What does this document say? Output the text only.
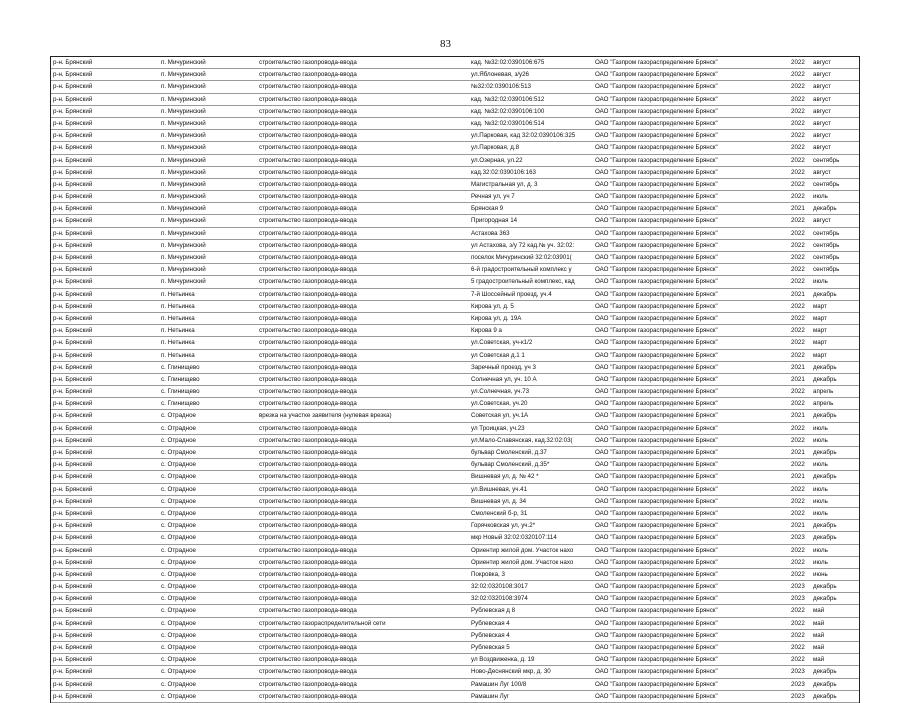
83
р-н. Брянский	п. Мичуринский	строительство газопровода-ввода	кад. №32:02:0390106:675	ОАО "Газпром газораспределение Брянск"	2022	август
р-н. Брянский	п. Мичуринский	строительство газопровода-ввода	ул.Яблоневая, з/у26	ОАО "Газпром газораспределение Брянск"	2022	август
р-н. Брянский	п. Мичуринский	строительство газопровода-ввода	№32:02:0390106:513	ОАО "Газпром газораспределение Брянск"	2022	август
р-н. Брянский	п. Мичуринский	строительство газопровода-ввода	кад. №32:02:0390106:512	ОАО "Газпром газораспределение Брянск"	2022	август
р-н. Брянский	п. Мичуринский	строительство газопровода-ввода	кад. №32:02:0390106:100	ОАО "Газпром газораспределение Брянск"	2022	август
р-н. Брянский	п. Мичуринский	строительство газопровода-ввода	кад. №32:02:0390106:514	ОАО "Газпром газораспределение Брянск"	2022	август
р-н. Брянский	п. Мичуринский	строительство газопровода-ввода	ул.Парковая, кад 32:02:0390106:325	ОАО "Газпром газораспределение Брянск"	2022	август
р-н. Брянский	п. Мичуринский	строительство газопровода-ввода	ул.Парковая, д.8	ОАО "Газпром газораспределение Брянск"	2022	август
р-н. Брянский	п. Мичуринский	строительство газопровода-ввода	ул.Озерная, ул.22	ОАО "Газпром газораспределение Брянск"	2022	сентябрь
р-н. Брянский	п. Мичуринский	строительство газопровода-ввода	кад.32:02:0390106:163	ОАО "Газпром газораспределение Брянск"	2022	август
р-н. Брянский	п. Мичуринский	строительство газопровода-ввода	Магистральная ул, д. 3	ОАО "Газпром газораспределение Брянск"	2022	сентябрь
р-н. Брянский	п. Мичуринский	строительство газопровода-ввода	Речная ул, уч 7	ОАО "Газпром газораспределение Брянск"	2022	июль
р-н. Брянский	п. Мичуринский	строительство газопровода-ввода	Брянская 9	ОАО "Газпром газораспределение Брянск"	2021	декабрь
р-н. Брянский	п. Мичуринский	строительство газопровода-ввода	Пригородная 14	ОАО "Газпром газораспределение Брянск"	2022	август
р-н. Брянский	п. Мичуринский	строительство газопровода-ввода	Астахова 363	ОАО "Газпром газораспределение Брянск"	2022	сентябрь
р-н. Брянский	п. Мичуринский	строительство газопровода-ввода	ул Астахова, з/у 72 кад.№ уч. 32:02:	ОАО "Газпром газораспределение Брянск"	2022	сентябрь
р-н. Брянский	п. Мичуринский	строительство газопровода-ввода	поселок Мичуринский 32:02:03901(	ОАО "Газпром газораспределение Брянск"	2022	сентябрь
р-н. Брянский	п. Мичуринский	строительство газопровода-ввода	6-й градостроительный комплекс у	ОАО "Газпром газораспределение Брянск"	2022	сентябрь
р-н. Брянский	п. Мичуринский	строительство газопровода-ввода	5 градостроительный комплекс, кад	ОАО "Газпром газораспределение Брянск"	2022	июль
р-н. Брянский	п. Нетьинка	строительство газопровода-ввода	7-й Шоссейный проезд, уч.4	ОАО "Газпром газораспределение Брянск"	2021	декабрь
р-н. Брянский	п. Нетьинка	строительство газопровода-ввода	Кирова ул, д. 5	ОАО "Газпром газораспределение Брянск"	2022	март
р-н. Брянский	п. Нетьинка	строительство газопровода-ввода	Кирова ул, д. 19А	ОАО "Газпром газораспределение Брянск"	2022	март
р-н. Брянский	п. Нетьинка	строительство газопровода-ввода	Кирова 9 а	ОАО "Газпром газораспределение Брянск"	2022	март
р-н. Брянский	п. Нетьинка	строительство газопровода-ввода	ул.Советская, уч-к1/2	ОАО "Газпром газораспределение Брянск"	2022	март
р-н. Брянский	п. Нетьинка	строительство газопровода-ввода	ул Советская д.1 1	ОАО "Газпром газораспределение Брянск"	2022	март
р-н. Брянский	с. Глинищево	строительство газопровода-ввода	Заречный проезд, уч 3	ОАО "Газпром газораспределение Брянск"	2021	декабрь
р-н. Брянский	с. Глинищево	строительство газопровода-ввода	Солнечная ул, уч. 10 А	ОАО "Газпром газораспределение Брянск"	2021	декабрь
р-н. Брянский	с. Глинищево	строительство газопровода-ввода	ул.Солнечная, уч.73	ОАО "Газпром газораспределение Брянск"	2022	апрель
р-н. Брянский	с. Глинищево	строительство газопровода-ввода	ул.Советская, уч.20	ОАО "Газпром газораспределение Брянск"	2022	апрель
р-н. Брянский	с. Отрадное	врезка на участке заявителя (нулевая врезка)	Советская ул, уч.1А	ОАО "Газпром газораспределение Брянск"	2021	декабрь
р-н. Брянский	с. Отрадное	строительство газопровода-ввода	ул Троицкая, уч.23	ОАО "Газпром газораспределение Брянск"	2022	июль
р-н. Брянский	с. Отрадное	строительство газопровода-ввода	ул.Мало-Славянская, кад.32:02:03(	ОАО "Газпром газораспределение Брянск"	2022	июль
р-н. Брянский	с. Отрадное	строительство газопровода-ввода	бульвар Смоленский, д.37	ОАО "Газпром газораспределение Брянск"	2021	декабрь
р-н. Брянский	с. Отрадное	строительство газопровода-ввода	бульвар Смоленский, д.35*	ОАО "Газпром газораспределение Брянск"	2022	июль
р-н. Брянский	с. Отрадное	строительство газопровода-ввода	Вишневая ул, д. № 42 *	ОАО "Газпром газораспределение Брянск"	2021	декабрь
р-н. Брянский	с. Отрадное	строительство газопровода-ввода	ул.Вишневая, уч.41	ОАО "Газпром газораспределение Брянск"	2022	июль
р-н. Брянский	с. Отрадное	строительство газопровода-ввода	Вишневая ул, д. 34	ОАО "Газпром газораспределение Брянск"	2022	июль
р-н. Брянский	с. Отрадное	строительство газопровода-ввода	Смоленский б-р, 31	ОАО "Газпром газораспределение Брянск"	2022	июль
р-н. Брянский	с. Отрадное	строительство газопровода-ввода	Горячковская ул, уч.2*	ОАО "Газпром газораспределение Брянск"	2021	декабрь
р-н. Брянский	с. Отрадное	строительство газопровода-ввода	мкр Новый 32:02:0320107:114	ОАО "Газпром газораспределение Брянск"	2023	декабрь
р-н. Брянский	с. Отрадное	строительство газопровода-ввода	Ориентир жилой дом. Участок нахо	ОАО "Газпром газораспределение Брянск"	2022	июль
р-н. Брянский	с. Отрадное	строительство газопровода-ввода	Ориентир жилой дом. Участок нахо	ОАО "Газпром газораспределение Брянск"	2022	июль
р-н. Брянский	с. Отрадное	строительство газопровода-ввода	Покровка, 3	ОАО "Газпром газораспределение Брянск"	2022	июнь
р-н. Брянский	с. Отрадное	строительство газопровода-ввода	32:02:0320108:3017	ОАО "Газпром газораспределение Брянск"	2023	декабрь
р-н. Брянский	с. Отрадное	строительство газопровода-ввода	32:02:0320108:3974	ОАО "Газпром газораспределение Брянск"	2023	декабрь
р-н. Брянский	с. Отрадное	строительство газопровода-ввода	Рублевская д 8	ОАО "Газпром газораспределение Брянск"	2022	май
р-н. Брянский	с. Отрадное	строительство газораспределительной сети	Рублевская 4	ОАО "Газпром газораспределение Брянск"	2022	май
р-н. Брянский	с. Отрадное	строительство газопровода-ввода	Рублевская 4	ОАО "Газпром газораспределение Брянск"	2022	май
р-н. Брянский	с. Отрадное	строительство газопровода-ввода	Рублевская 5	ОАО "Газпром газораспределение Брянск"	2022	май
р-н. Брянский	с. Отрадное	строительство газопровода-ввода	ул Воздвиженка, д. 19	ОАО "Газпром газораспределение Брянск"	2022	май
р-н. Брянский	с. Отрадное	строительство газопровода-ввода	Ново-Деснянский мкр, д. 30	ОАО "Газпром газораспределение Брянск"	2023	декабрь
р-н. Брянский	с. Отрадное	строительство газопровода-ввода	Рамашин Луг 100/8	ОАО "Газпром газораспределение Брянск"	2023	декабрь
р-н. Брянский	с. Отрадное	строительство газопровода-ввода	Рамашин Луг	ОАО "Газпром газораспределение Брянск"	2023	декабрь
